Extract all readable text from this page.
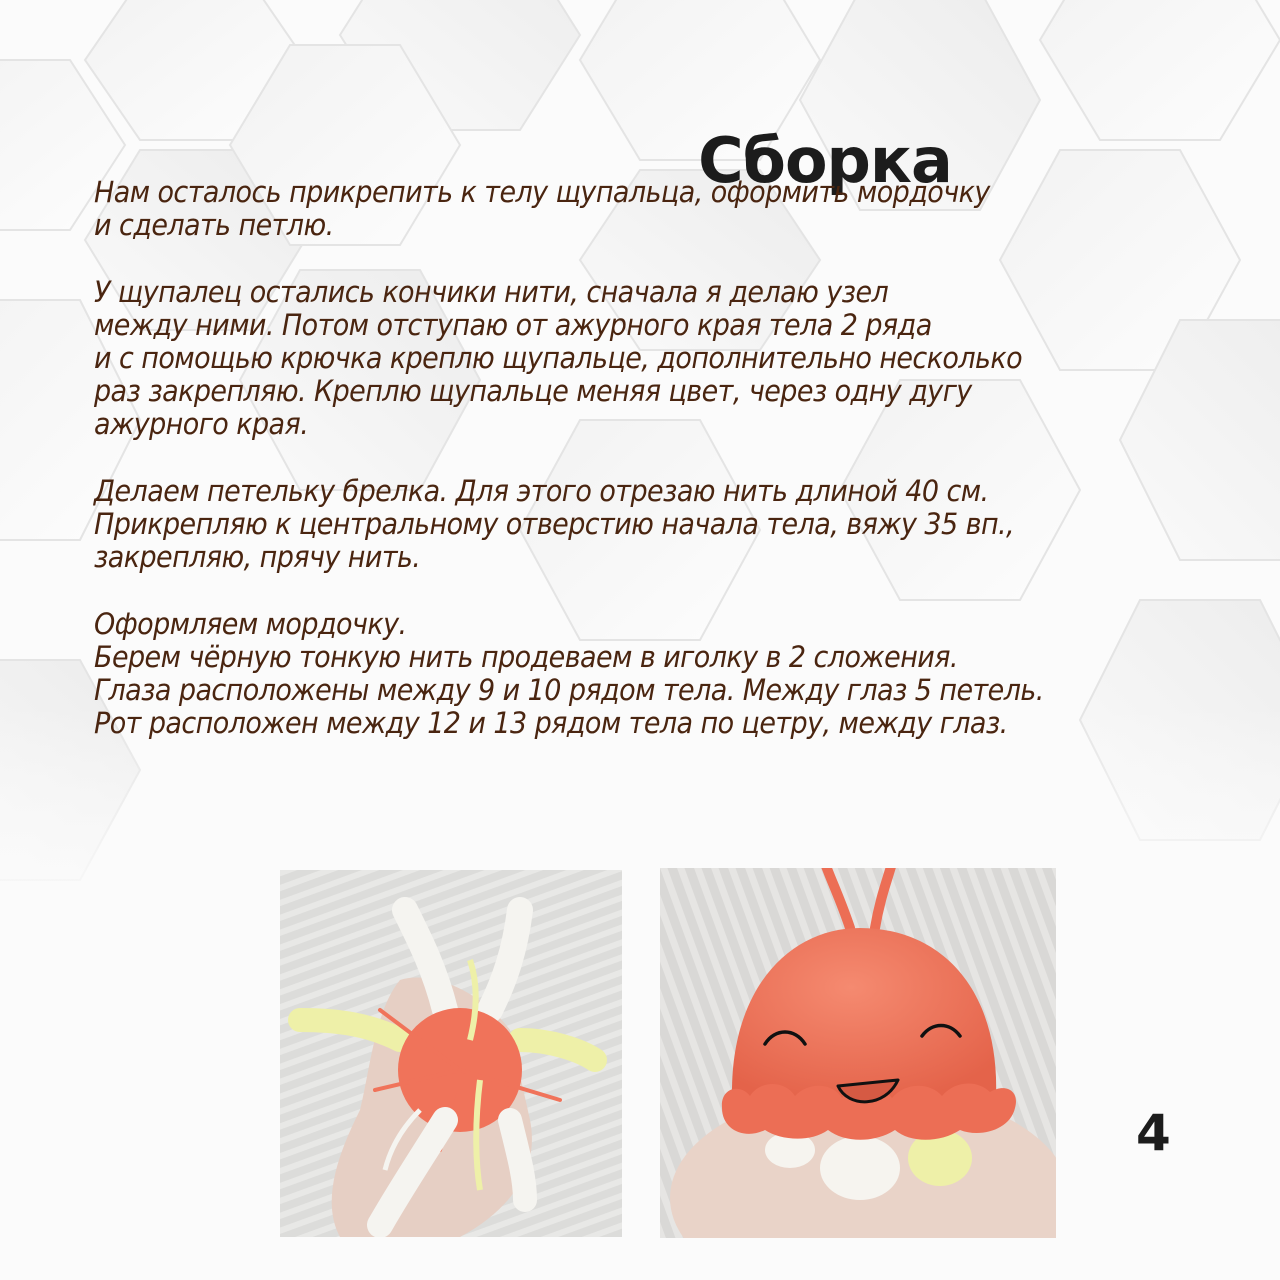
Сборка

Нам осталось прикрепить к телу щупальца, оформить мордочку
и сделать петлю.

У щупалец остались кончики нити, сначала я делаю узел
между ними. Потом отступаю от ажурного края тела 2 ряда
и с помощью крючка креплю щупальце, дополнительно несколько
раз закрепляю. Креплю щупальце меняя цвет, через одну дугу
ажурного края.

Делаем петельку брелка. Для этого отрезаю нить длиной 40 см.
Прикрепляю к центральному отверстию начала тела, вяжу 35 вп.,
закрепляю, прячу нить.

Оформляем мордочку.
Берем чёрную тонкую нить продеваем в иголку в 2 сложения.
Глаза расположены между 9 и 10 рядом тела. Между глаз 5 петель.
Рот расположен между 12 и 13 рядом тела по цетру, между глаз.

4
